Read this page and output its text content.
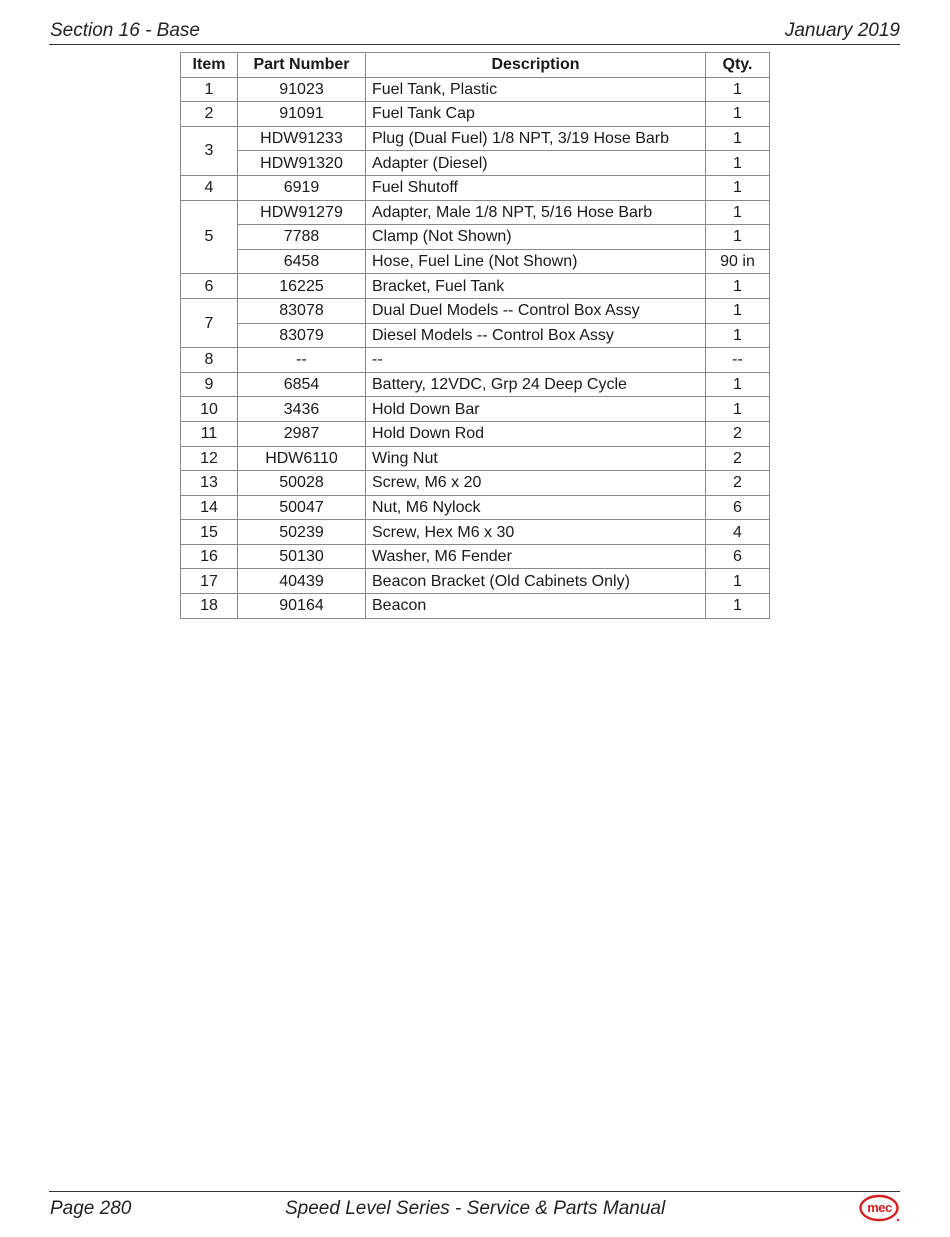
Section 16 - Base	January 2019
Item	Part Number	Description	Qty.
1	91023	Fuel Tank, Plastic	1
2	91091	Fuel Tank Cap	1
3	HDW91233	Plug (Dual Fuel) 1/8 NPT, 3/19 Hose Barb	1
	HDW91320	Adapter (Diesel)	1
4	6919	Fuel Shutoff	1
5	HDW91279	Adapter, Male 1/8 NPT, 5/16 Hose Barb	1
	7788	Clamp (Not Shown)	1
	6458	Hose, Fuel Line (Not Shown)	90 in
6	16225	Bracket, Fuel Tank	1
7	83078	Dual Duel Models -- Control Box Assy	1
	83079	Diesel Models -- Control Box Assy	1
8	--	--	--
9	6854	Battery, 12VDC, Grp 24 Deep Cycle	1
10	3436	Hold Down Bar	1
11	2987	Hold Down Rod	2
12	HDW6110	Wing Nut	2
13	50028	Screw, M6 x 20	2
14	50047	Nut, M6 Nylock	6
15	50239	Screw, Hex M6 x 30	4
16	50130	Washer, M6 Fender	6
17	40439	Beacon Bracket (Old Cabinets Only)	1
18	90164	Beacon	1
Page 280	Speed Level Series - Service & Parts Manual	mec
